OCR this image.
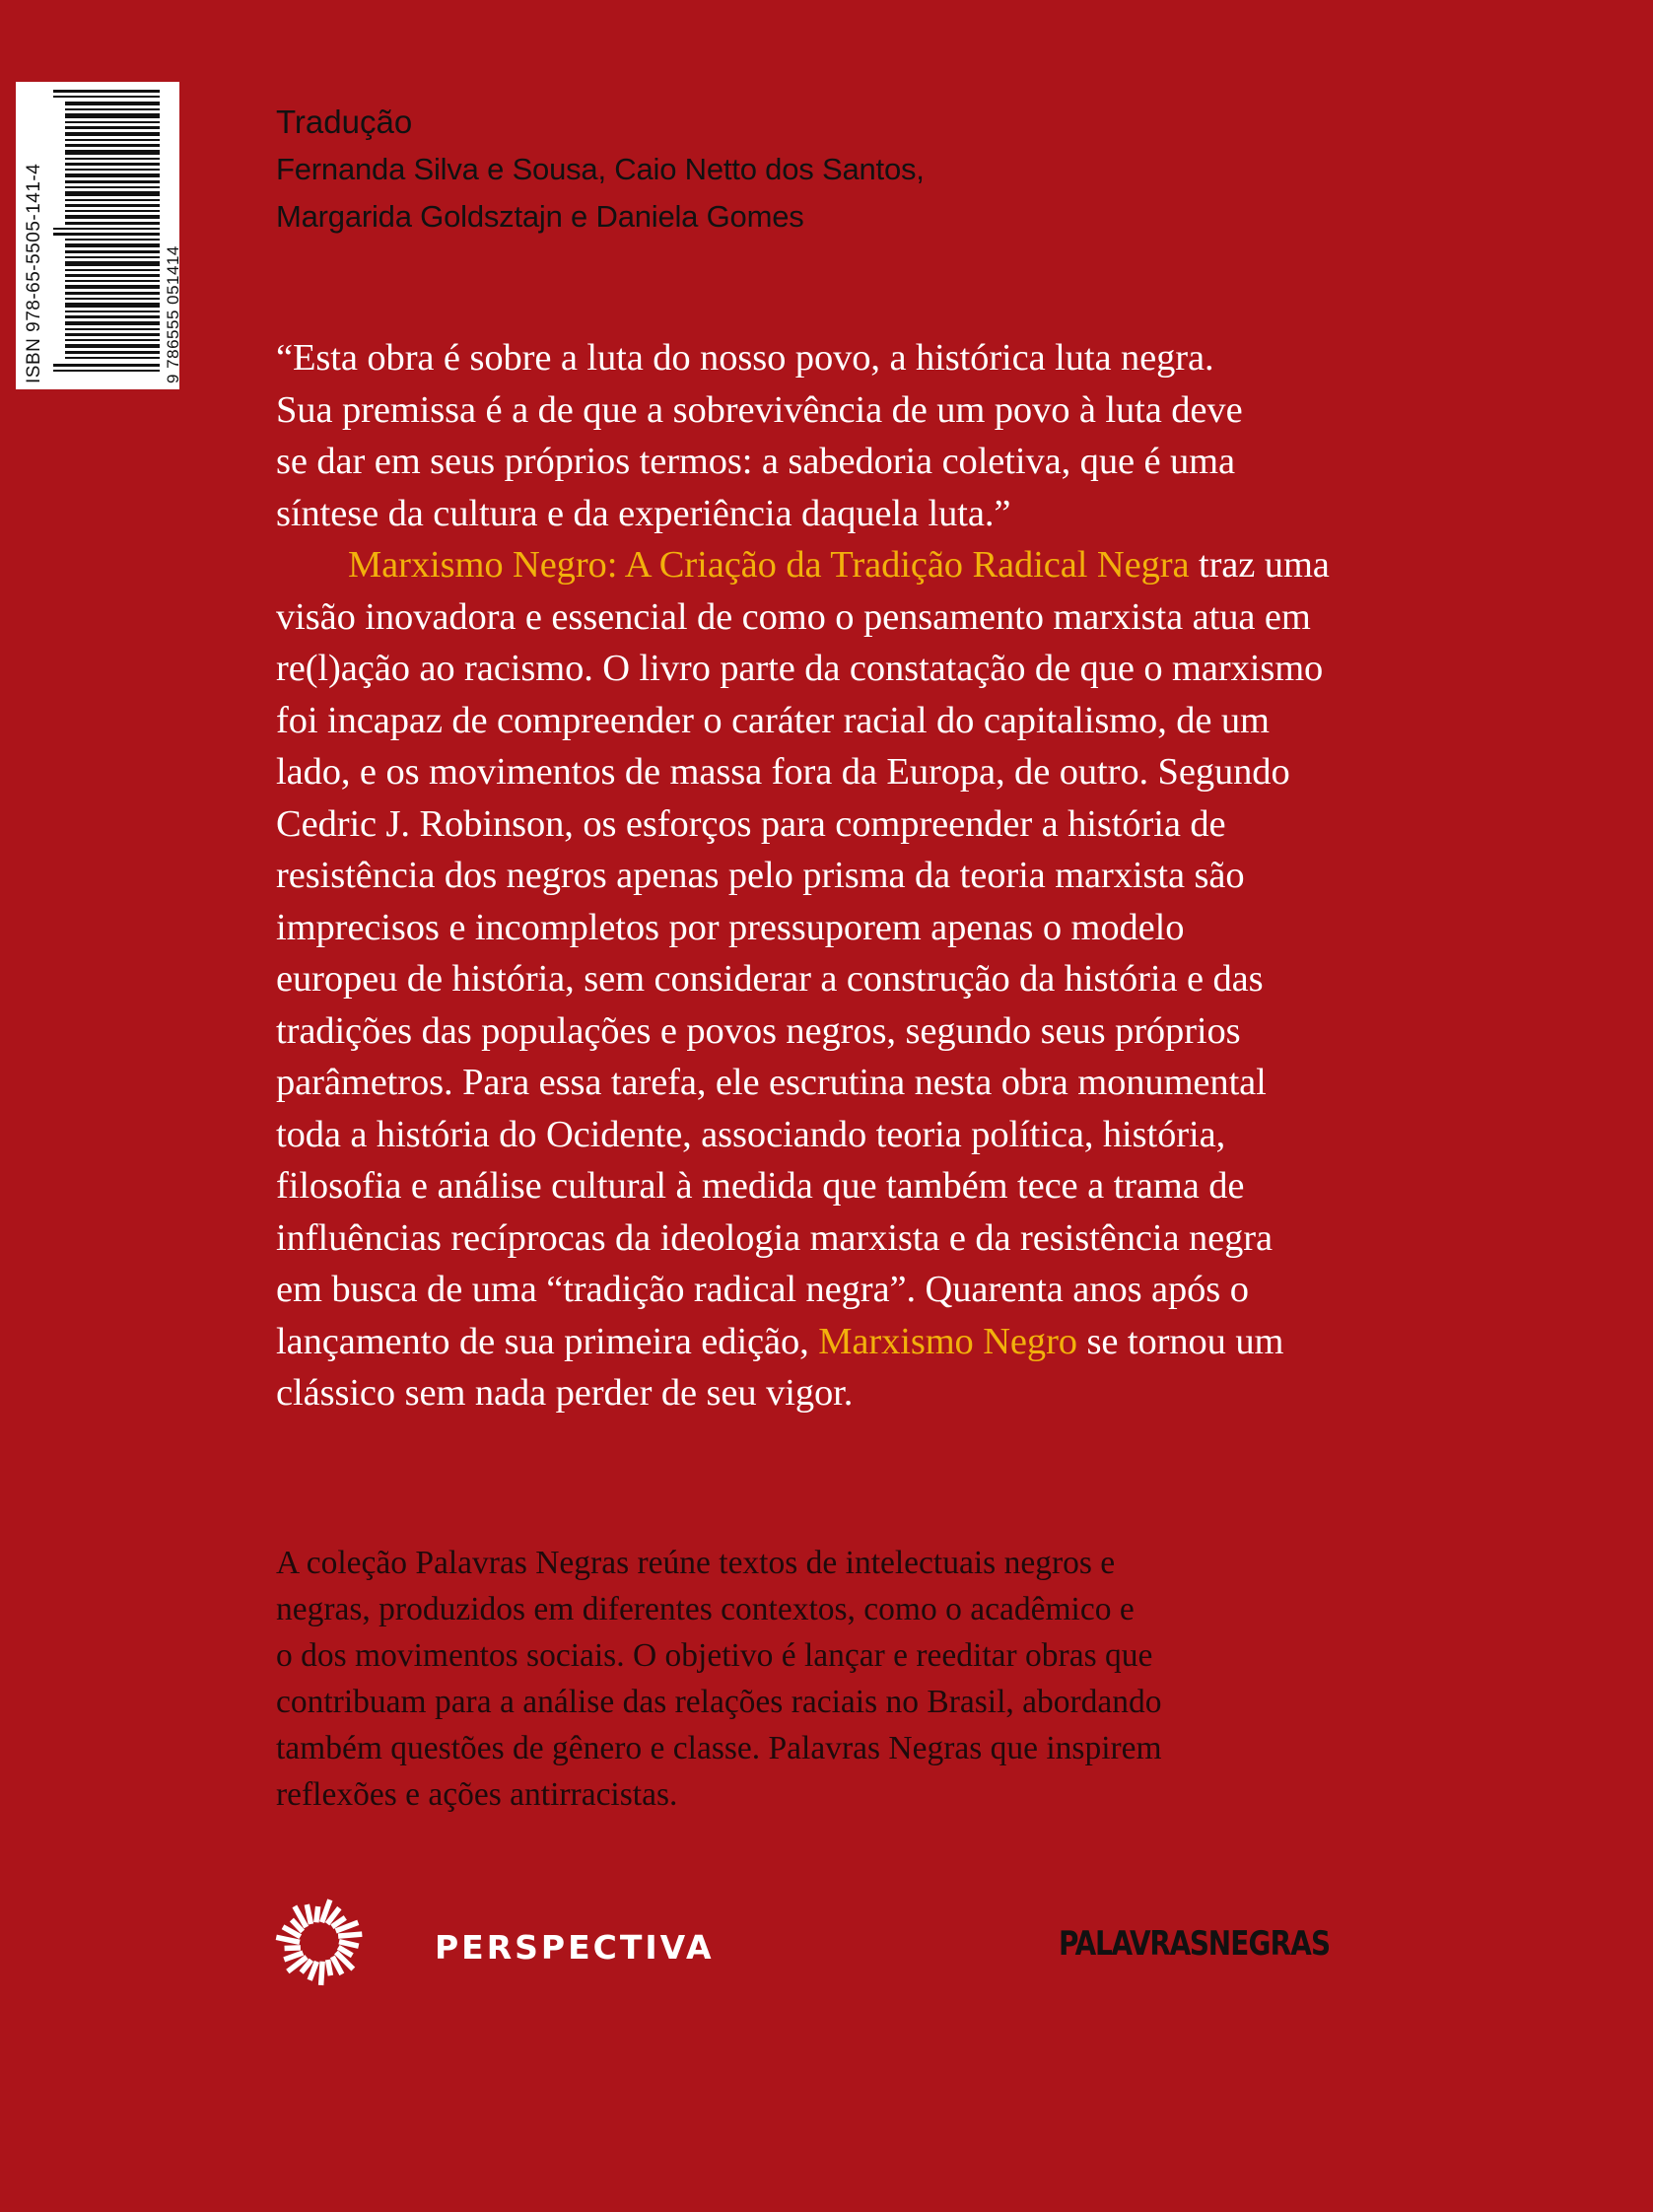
ISBN 978-65-5505-141-4	9 786555 051414
Tradução
Fernanda Silva e Sousa, Caio Netto dos Santos,
Margarida Goldsztajn e Daniela Gomes
“Esta obra é sobre a luta do nosso povo, a histórica luta negra.
Sua premissa é a de que a sobrevivência de um povo à luta deve
se dar em seus próprios termos: a sabedoria coletiva, que é uma
síntese da cultura e da experiência daquela luta.”
Marxismo Negro: A Criação da Tradição Radical Negra traz uma
visão inovadora e essencial de como o pensamento marxista atua em
re(l)ação ao racismo. O livro parte da constatação de que o marxismo
foi incapaz de compreender o caráter racial do capitalismo, de um
lado, e os movimentos de massa fora da Europa, de outro. Segundo
Cedric J. Robinson, os esforços para compreender a história de
resistência dos negros apenas pelo prisma da teoria marxista são
imprecisos e incompletos por pressuporem apenas o modelo
europeu de história, sem considerar a construção da história e das
tradições das populações e povos negros, segundo seus próprios
parâmetros. Para essa tarefa, ele escrutina nesta obra monumental
toda a história do Ocidente, associando teoria política, história,
filosofia e análise cultural à medida que também tece a trama de
influências recíprocas da ideologia marxista e da resistência negra
em busca de uma “tradição radical negra”. Quarenta anos após o
lançamento de sua primeira edição, Marxismo Negro se tornou um
clássico sem nada perder de seu vigor.
A coleção Palavras Negras reúne textos de intelectuais negros e
negras, produzidos em diferentes contextos, como o acadêmico e
o dos movimentos sociais. O objetivo é lançar e reeditar obras que
contribuam para a análise das relações raciais no Brasil, abordando
também questões de gênero e classe. Palavras Negras que inspirem
reflexões e ações antirracistas.
PERSPECTIVA	PALAVRASNEGRAS
